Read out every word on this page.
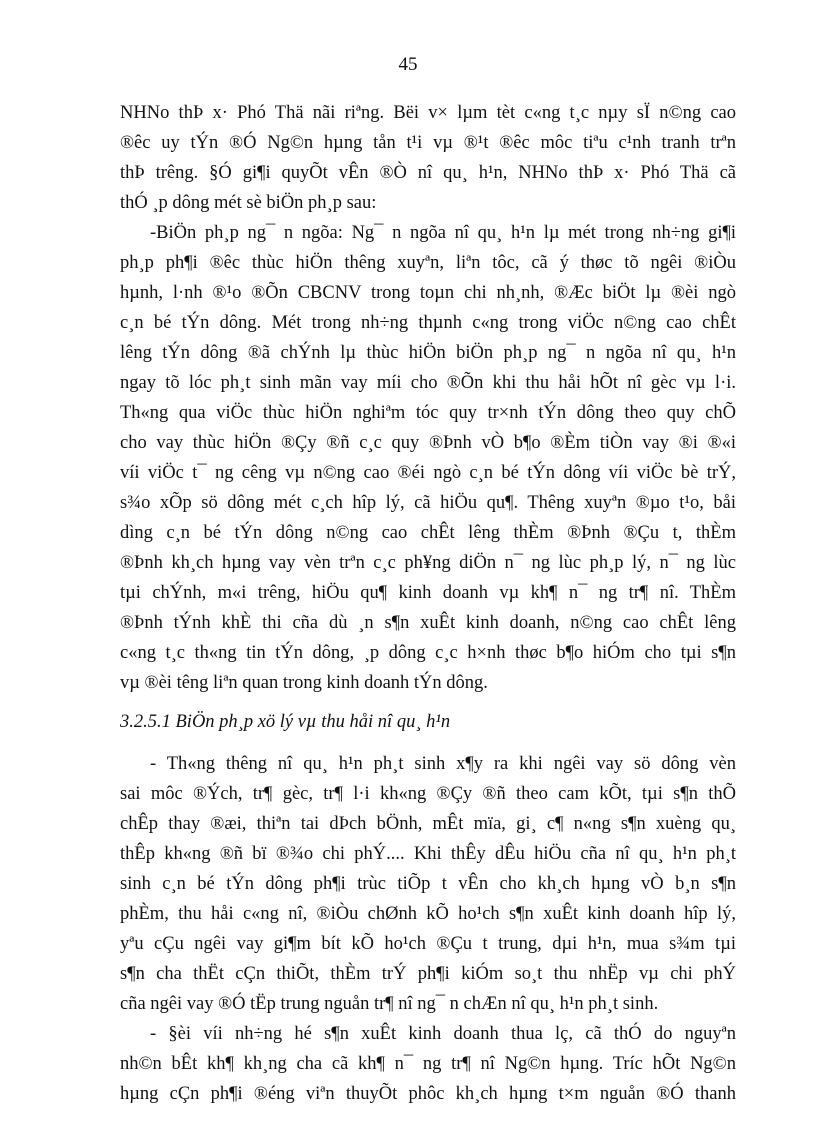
45
NHNo thÞ x· Phó Thä nãi riªng. Bëi v× lµm tèt c«ng t¸c nµy sÏ n©ng cao
®êc uy tÝn ®Ó Ng©n hµng tån t¹i vµ ®¹t ®êc môc tiªu c¹nh tranh trªn
thÞ trêng. §Ó gi¶i quyÕt vÊn ®Ò nî qu¸ h¹n, NHNo thÞ x· Phó Thä cã
thÓ ¸p dông mét sè biÖn ph¸p sau:
-BiÖn ph¸p ng¯ n ngõa: Ng¯ n ngõa nî qu¸ h¹n lµ mét trong nh÷ng gi¶i
ph¸p ph¶i ®êc thùc hiÖn thêng xuyªn, liªn tôc, cã ý thøc tõ ngêi ®iÒu
hµnh, l·nh ®¹o ®Õn CBCNV trong toµn chi nh¸nh, ®Æc biÖt lµ ®èi ngò
c¸n bé tÝn dông. Mét trong nh÷ng thµnh c«ng trong viÖc n©ng cao chÊt
lêng tÝn dông ®ã chÝnh lµ thùc hiÖn biÖn ph¸p ng¯ n ngõa nî qu¸ h¹n
ngay tõ lóc ph¸t sinh mãn vay míi cho ®Õn khi thu håi hÕt nî gèc vµ l·i.
Th«ng qua viÖc thùc hiÖn nghiªm tóc quy tr×nh tÝn dông theo quy chÕ
cho vay thùc hiÖn ®Çy ®ñ c¸c quy ®Þnh vÒ b¶o ®Èm tiÒn vay ®i ®«i
víi viÖc t¯ ng cêng vµ n©ng cao ®éi ngò c¸n bé tÝn dông víi viÖc bè trÝ,
s¾o xÕp sö dông mét c¸ch hîp lý, cã hiÖu qu¶. Thêng xuyªn ®µo t¹o, båi
dìng c¸n bé tÝn dông n©ng cao chÊt lêng thÈm ®Þnh ®Çu t, thÈm
®Þnh kh¸ch hµng vay vèn trªn c¸c ph¥ng diÖn n¯ ng lùc ph¸p lý, n¯ ng lùc
tµi chÝnh, m«i trêng, hiÖu qu¶ kinh doanh vµ kh¶ n¯ ng tr¶ nî. ThÈm
®Þnh tÝnh khÈ thi cña dù ¸n s¶n xuÊt kinh doanh, n©ng cao chÊt lêng
c«ng t¸c th«ng tin tÝn dông, ¸p dông c¸c h×nh thøc b¶o hiÓm cho tµi s¶n
vµ ®èi têng liªn quan trong kinh doanh tÝn dông.
3.2.5.1 BiÖn ph¸p xö lý vµ thu håi nî qu¸ h¹n
- Th«ng thêng nî qu¸ h¹n ph¸t sinh x¶y ra khi ngêi vay sö dông vèn
sai môc ®Ých, tr¶ gèc, tr¶ l·i kh«ng ®Çy ®ñ theo cam kÕt, tµi s¶n thÕ
chÊp thay ®æi, thiªn tai dÞch bÖnh, mÊt mïa, gi¸ c¶ n«ng s¶n xuèng qu¸
thÊp kh«ng ®ñ bï ®¾o chi phÝ.... Khi thÊy dÊu hiÖu cña nî qu¸ h¹n ph¸t
sinh c¸n bé tÝn dông ph¶i trùc tiÕp t vÊn cho kh¸ch hµng vÒ b¸n s¶n
phÈm, thu håi c«ng nî, ®iÒu chØnh kÕ ho¹ch s¶n xuÊt kinh doanh hîp lý,
yªu cÇu ngêi vay gi¶m bít kÕ ho¹ch ®Çu t trung, dµi h¹n, mua s¾m tµi
s¶n cha thËt cÇn thiÕt, thÈm trÝ ph¶i kiÓm so¸t thu nhËp vµ chi phÝ
cña ngêi vay ®Ó tËp trung nguån tr¶ nî ng¯ n chÆn nî qu¸ h¹n ph¸t sinh.
- §èi víi nh÷ng hé s¶n xuÊt kinh doanh thua lç, cã thÓ do nguyªn
nh©n bÊt kh¶ kh¸ng cha cã kh¶ n¯ ng tr¶ nî Ng©n hµng. Tríc hÕt Ng©n
hµng cÇn ph¶i ®éng viªn thuyÕt phôc kh¸ch hµng t×m nguån ®Ó thanh
